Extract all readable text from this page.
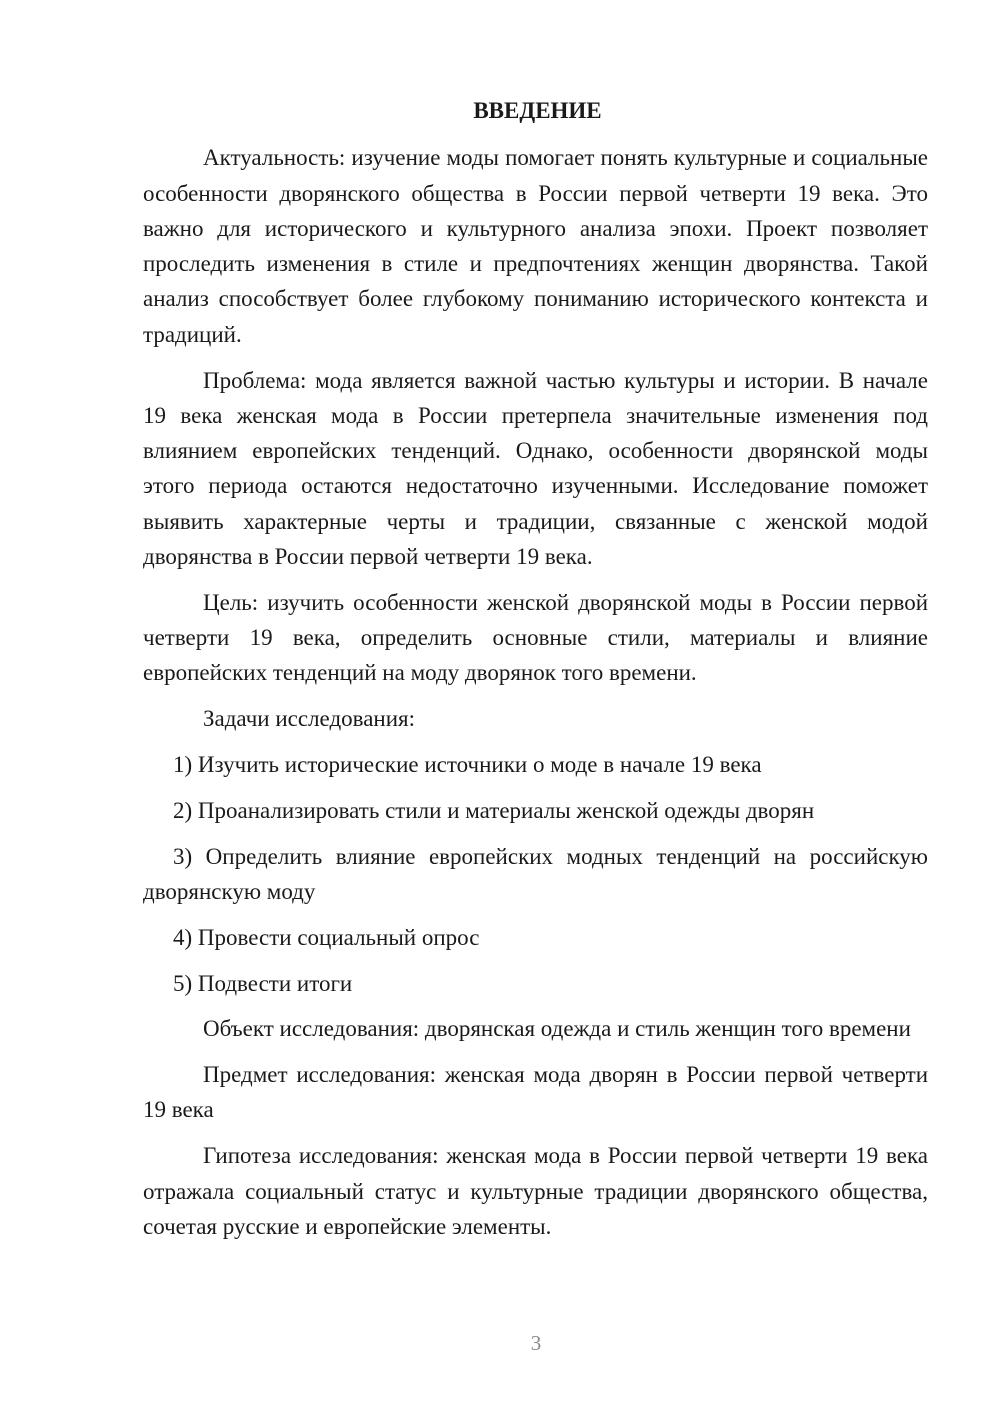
ВВЕДЕНИЕ

Актуальность: изучение моды помогает понять культурные и социальные особенности дворянского общества в России первой четверти 19 века. Это важно для исторического и культурного анализа эпохи. Проект позволяет проследить изменения в стиле и предпочтениях женщин дворянства. Такой анализ способствует более глубокому пониманию исторического контекста и традиций.

Проблема: мода является важной частью культуры и истории. В начале 19 века женская мода в России претерпела значительные изменения под влиянием европейских тенденций. Однако, особенности дворянской моды этого периода остаются недостаточно изученными. Исследование поможет выявить характерные черты и традиции, связанные с женской модой дворянства в России первой четверти 19 века.

Цель: изучить особенности женской дворянской моды в России первой четверти 19 века, определить основные стили, материалы и влияние европейских тенденций на моду дворянок того времени.

Задачи исследования:

1) Изучить исторические источники о моде в начале 19 века

2) Проанализировать стили и материалы женской одежды дворян

3) Определить влияние европейских модных тенденций на российскую дворянскую моду

4) Провести социальный опрос

5) Подвести итоги

Объект исследования: дворянская одежда и стиль женщин того времени

Предмет исследования: женская мода дворян в России первой четверти 19 века

Гипотеза исследования: женская мода в России первой четверти 19 века отражала социальный статус и культурные традиции дворянского общества, сочетая русские и европейские элементы.

3
